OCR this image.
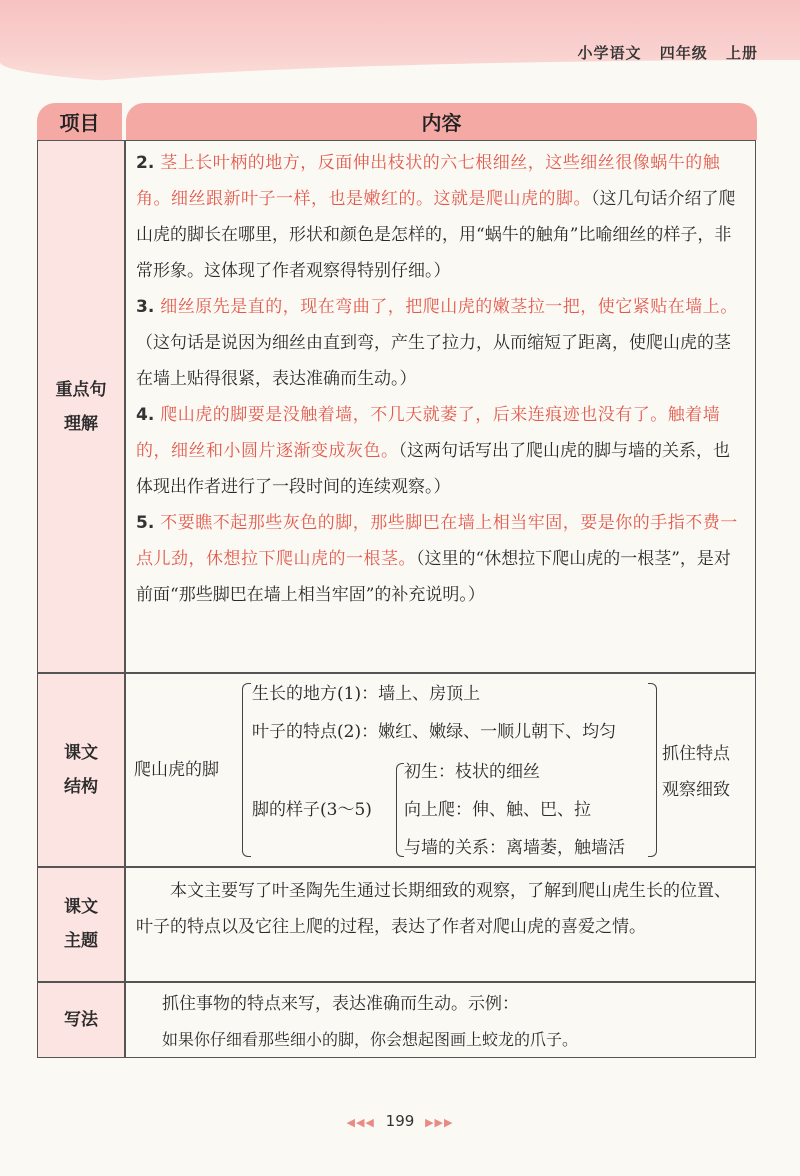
小学语文 四年级 上册
项目	内容
重点句
理解
课文
结构
课文
主题
写法
2. 茎上长叶柄的地方，反面伸出枝状的六七根细丝，这些细丝很像蜗牛的触角。细丝跟新叶子一样，也是嫩红的。这就是爬山虎的脚。（这几句话介绍了爬山虎的脚长在哪里，形状和颜色是怎样的，用“蜗牛的触角”比喻细丝的样子，非常形象。这体现了作者观察得特别仔细。）
3. 细丝原先是直的，现在弯曲了，把爬山虎的嫩茎拉一把，使它紧贴在墙上。（这句话是说因为细丝由直到弯，产生了拉力，从而缩短了距离，使爬山虎的茎在墙上贴得很紧，表达准确而生动。）
4. 爬山虎的脚要是没触着墙，不几天就萎了，后来连痕迹也没有了。触着墙的，细丝和小圆片逐渐变成灰色。（这两句话写出了爬山虎的脚与墙的关系，也体现出作者进行了一段时间的连续观察。）
5. 不要瞧不起那些灰色的脚，那些脚巴在墙上相当牢固，要是你的手指不费一点儿劲，休想拉下爬山虎的一根茎。（这里的“休想拉下爬山虎的一根茎”，是对前面“那些脚巴在墙上相当牢固”的补充说明。）
爬山虎的脚
生长的地方(1)：墙上、房顶上
叶子的特点(2)：嫩红、嫩绿、一顺儿朝下、均匀
脚的样子(3～5)
初生：枝状的细丝
向上爬：伸、触、巴、拉
与墙的关系：离墙萎，触墙活
抓住特点
观察细致
本文主要写了叶圣陶先生通过长期细致的观察，了解到爬山虎生长的位置、叶子的特点以及它往上爬的过程，表达了作者对爬山虎的喜爱之情。
抓住事物的特点来写，表达准确而生动。示例：
如果你仔细看那些细小的脚，你会想起图画上蛟龙的爪子。
◀◀◀ 199 ▶▶▶
